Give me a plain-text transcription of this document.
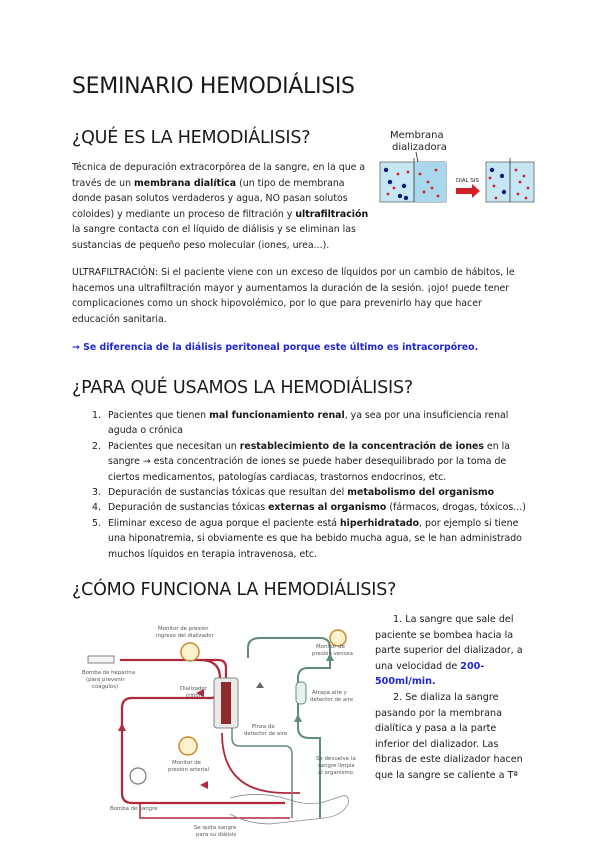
SEMINARIO HEMODIÁLISIS
¿QUÉ ES LA HEMODIÁLISIS?
Técnica de depuración extracorpórea de la sangre, en la que a través de un membrana dialítica (un tipo de membrana donde pasan solutos verdaderos y agua, NO pasan solutos coloides) y mediante un proceso de filtración y ultrafiltración la sangre contacta con el líquido de diálisis y se eliminan las sustancias de pequeño peso molecular (iones, urea...).
Membrana
dializadora
DIAL SIS
ULTRAFILTRACIÓN: Si el paciente viene con un exceso de líquidos por un cambio de hábitos, le hacemos una ultrafiltración mayor y aumentamos la duración de la sesión. ¡ojo! puede tener complicaciones como un shock hipovolémico, por lo que para prevenirlo hay que hacer educación sanitaria.
→ Se diferencia de la diálisis peritoneal porque este último es intracorpóreo.
¿PARA QUÉ USAMOS LA HEMODIÁLISIS?
1. Pacientes que tienen mal funcionamiento renal, ya sea por una insuficiencia renal aguda o crónica
2. Pacientes que necesitan un restablecimiento de la concentración de iones en la sangre → esta concentración de iones se puede haber desequilibrado por la toma de ciertos medicamentos, patologías cardiacas, trastornos endocrinos, etc.
3. Depuración de sustancias tóxicas que resultan del metabolismo del organismo
4. Depuración de sustancias tóxicas externas al organismo (fármacos, drogas, tóxicos...)
5. Eliminar exceso de agua porque el paciente está hiperhidratado, por ejemplo si tiene una hiponatremia, si obviamente es que ha bebido mucha agua, se le han administrado muchos líquidos en terapia intravenosa, etc.
¿CÓMO FUNCIONA LA HEMODIÁLISIS?
Monitor de presión
ingreso del dializador
Bomba de heparina
(para prevenir
coágulos)	Dializador
(riñón)
Monitor de
presión venosa
Atrapa aire y
detector de aire
Pinza de
detector de aire
Se devuelve la
sangre limpia
al organismo
Monitor de
presión arterial
Bomba de sangre
Se quita sangre
para su diálisis
1. La sangre que sale del paciente se bombea hacia la parte superior del dializador, a una velocidad de 200-500ml/min.
2. Se dializa la sangre pasando por la membrana dialítica y pasa a la parte inferior del dializador. Las fibras de este dializador hacen que la sangre se caliente a Tª
